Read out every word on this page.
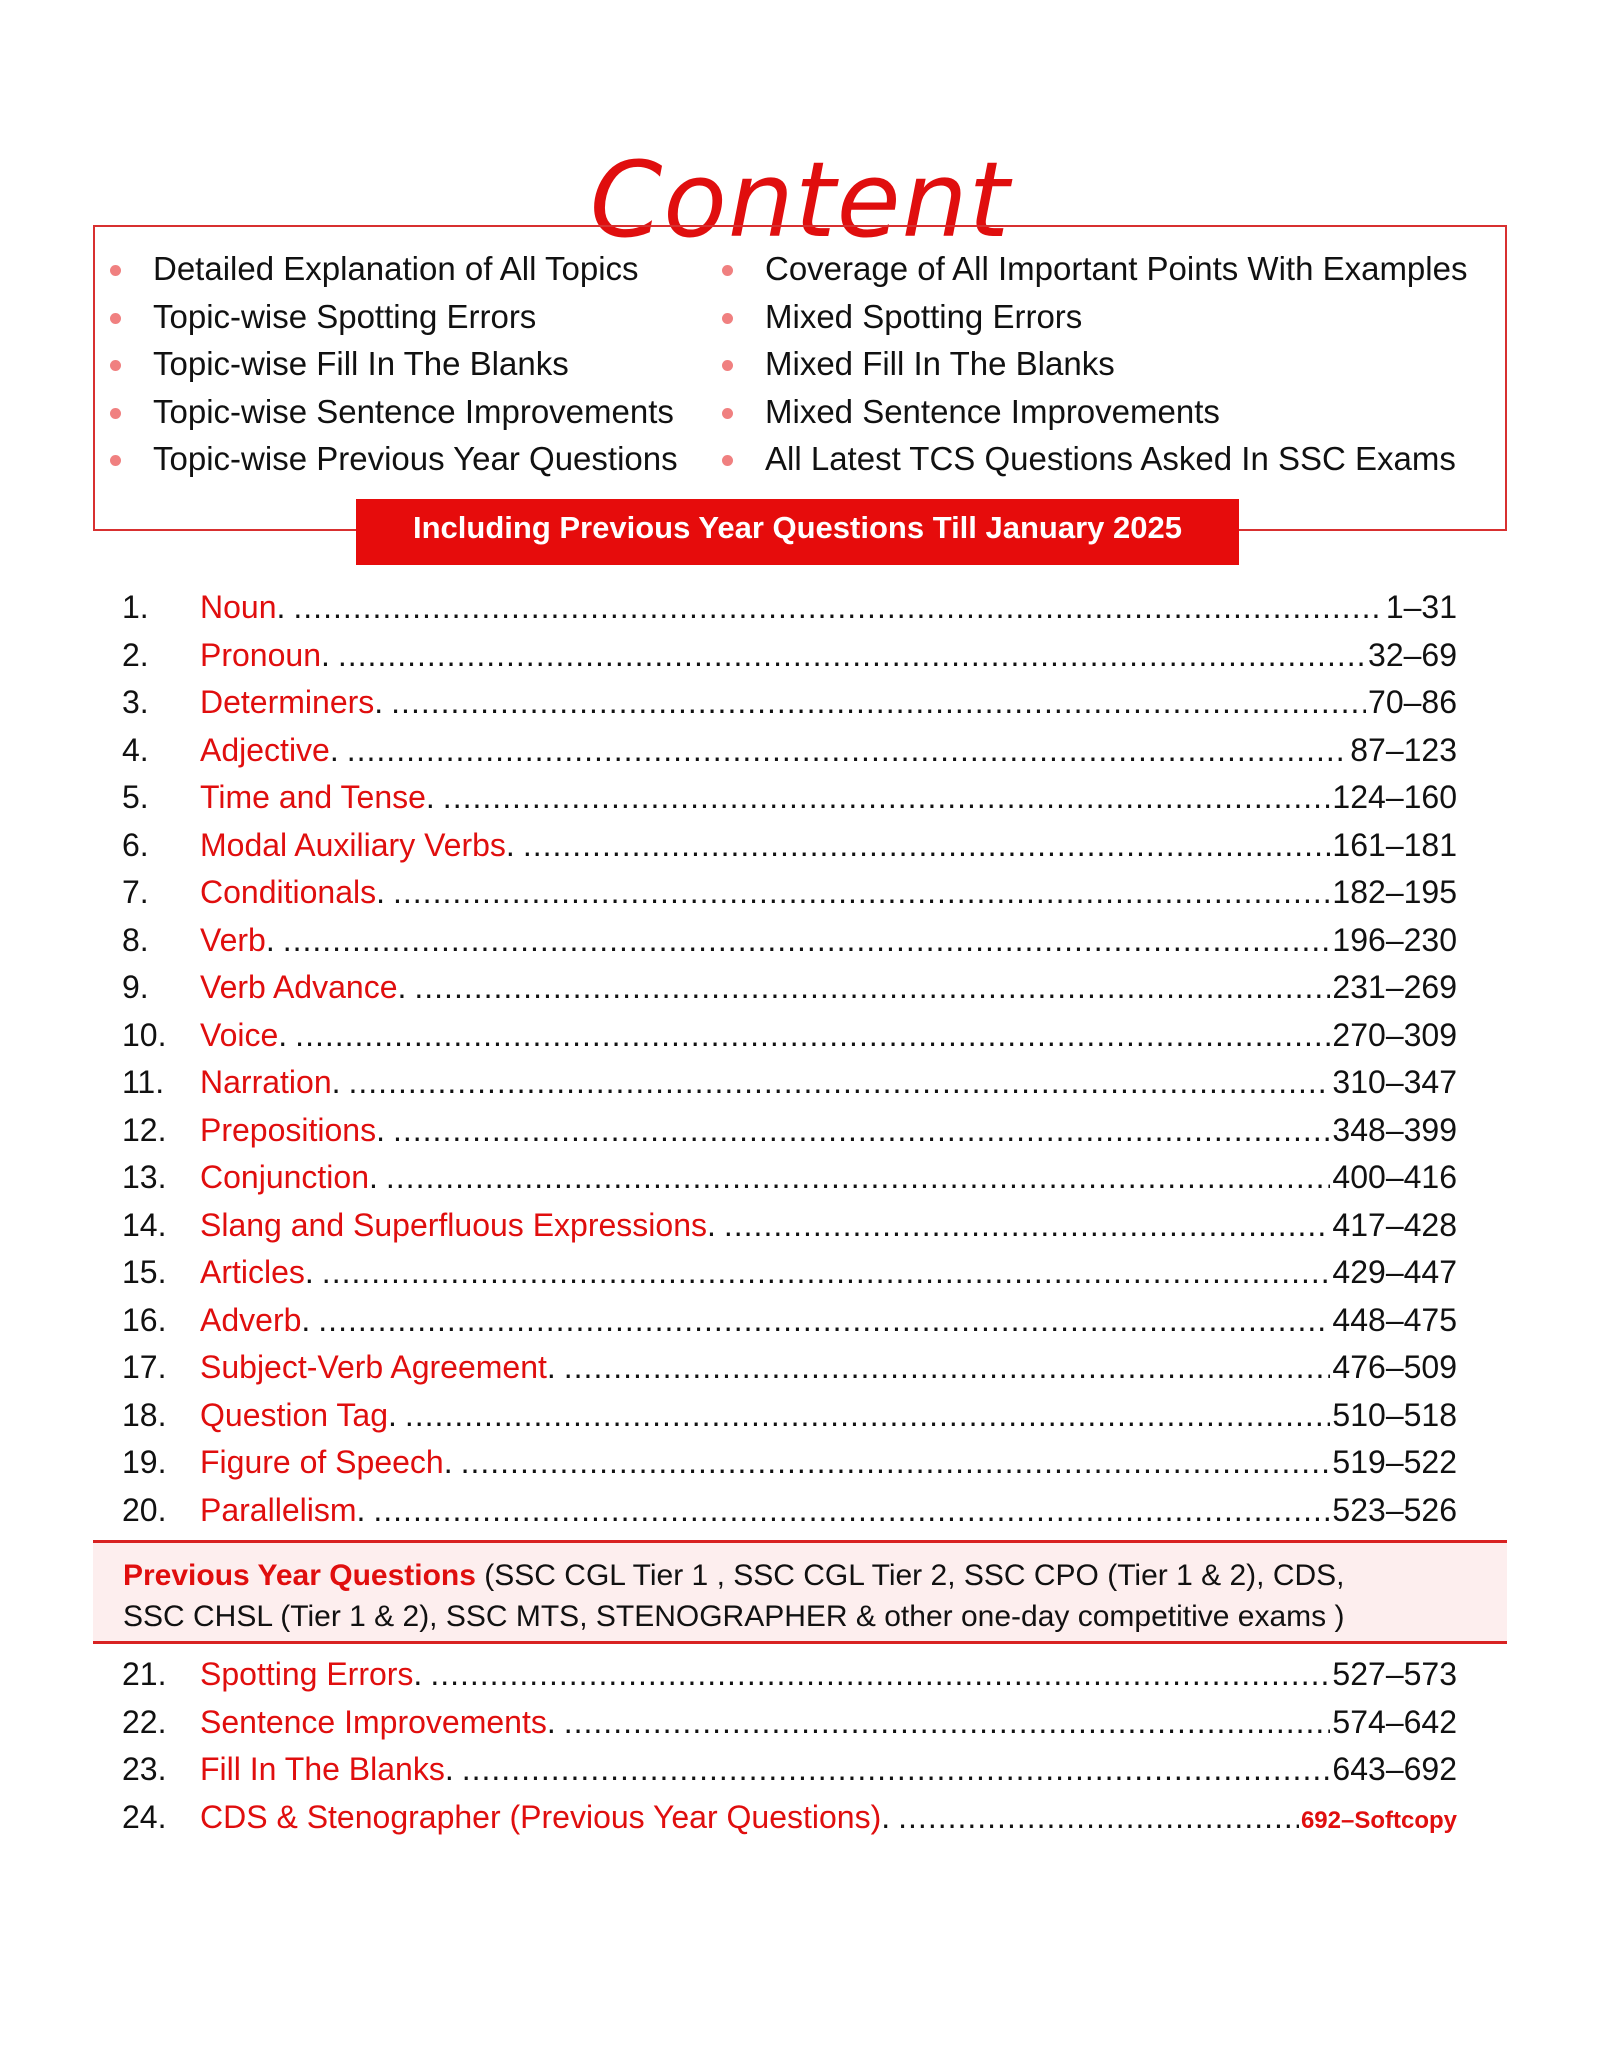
Content
Detailed Explanation of All Topics
Topic-wise Spotting Errors
Topic-wise Fill In The Blanks
Topic-wise Sentence Improvements
Topic-wise Previous Year Questions
Coverage of All Important Points With Examples
Mixed Spotting Errors
Mixed Fill In The Blanks
Mixed Sentence Improvements
All Latest TCS Questions Asked In SSC Exams
Including Previous Year Questions Till January 2025
1. Noun . .....	1–31
2. Pronoun . .....	32–69
3. Determiners . .....	70–86
4. Adjective . .....	87–123
5. Time and Tense . .....	124–160
6. Modal Auxiliary Verbs . .....	161–181
7. Conditionals . .....	182–195
8. Verb . .....	196–230
9. Verb Advance . .....	231–269
10. Voice . .....	270–309
11. Narration . .....	310–347
12. Prepositions . .....	348–399
13. Conjunction . .....	400–416
14. Slang and Superfluous Expressions . .....	417–428
15. Articles . .....	429–447
16. Adverb . .....	448–475
17. Subject-Verb Agreement . .....	476–509
18. Question Tag . .....	510–518
19. Figure of Speech . .....	519–522
20. Parallelism . .....	523–526
Previous Year Questions (SSC CGL Tier 1 , SSC CGL Tier 2, SSC CPO (Tier 1 & 2), CDS,
SSC CHSL (Tier 1 & 2), SSC MTS, STENOGRAPHER & other one-day competitive exams )
21. Spotting Errors . .....	527–573
22. Sentence Improvements . .....	574–642
23. Fill In The Blanks . .....	643–692
24. CDS & Stenographer (Previous Year Questions) . .....	692–Softcopy
